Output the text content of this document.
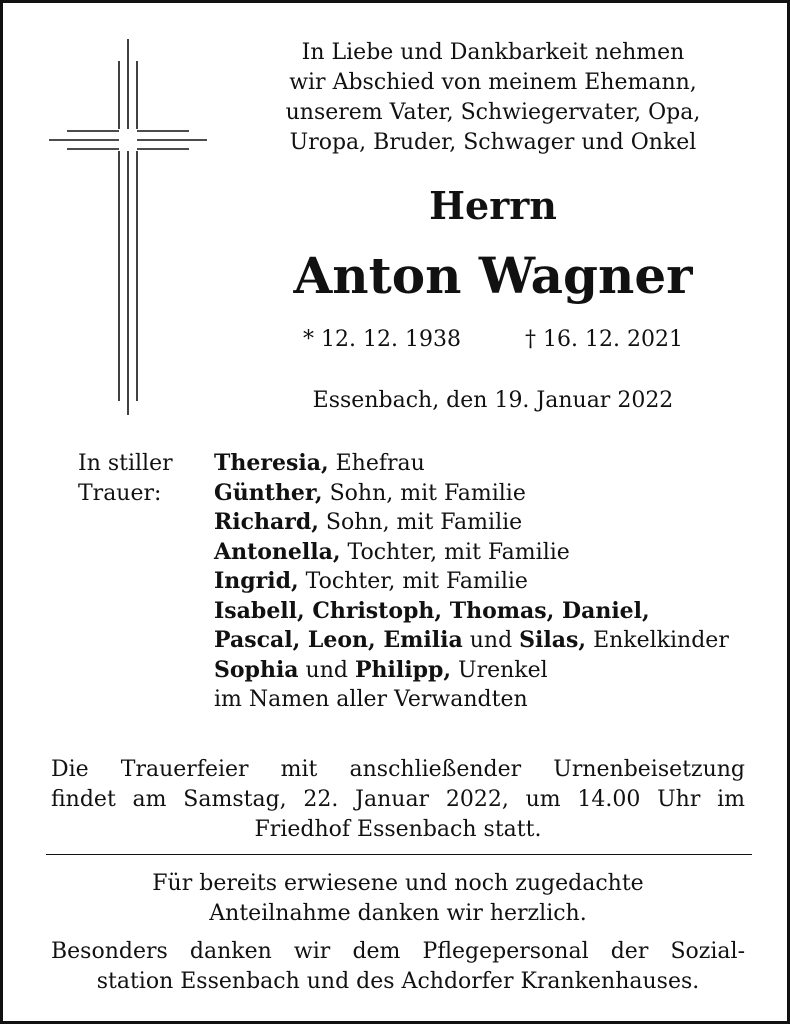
In Liebe und Dankbarkeit nehmen
wir Abschied von meinem Ehemann,
unserem Vater, Schwiegervater, Opa,
Uropa, Bruder, Schwager und Onkel
Herrn
Anton Wagner
* 12. 12. 1938	† 16. 12. 2021
Essenbach, den 19. Januar 2022
In stiller
Trauer:
Theresia, Ehefrau
Günther, Sohn, mit Familie
Richard, Sohn, mit Familie
Antonella, Tochter, mit Familie
Ingrid, Tochter, mit Familie
Isabell, Christoph, Thomas, Daniel,
Pascal, Leon, Emilia und Silas, Enkelkinder
Sophia und Philipp, Urenkel
im Namen aller Verwandten
Die Trauerfeier mit anschließender Urnenbeisetzung
findet am Samstag, 22. Januar 2022, um 14.00 Uhr im
Friedhof Essenbach statt.
Für bereits erwiesene und noch zugedachte
Anteilnahme danken wir herzlich.
Besonders danken wir dem Pflegepersonal der Sozial-
station Essenbach und des Achdorfer Krankenhauses.
